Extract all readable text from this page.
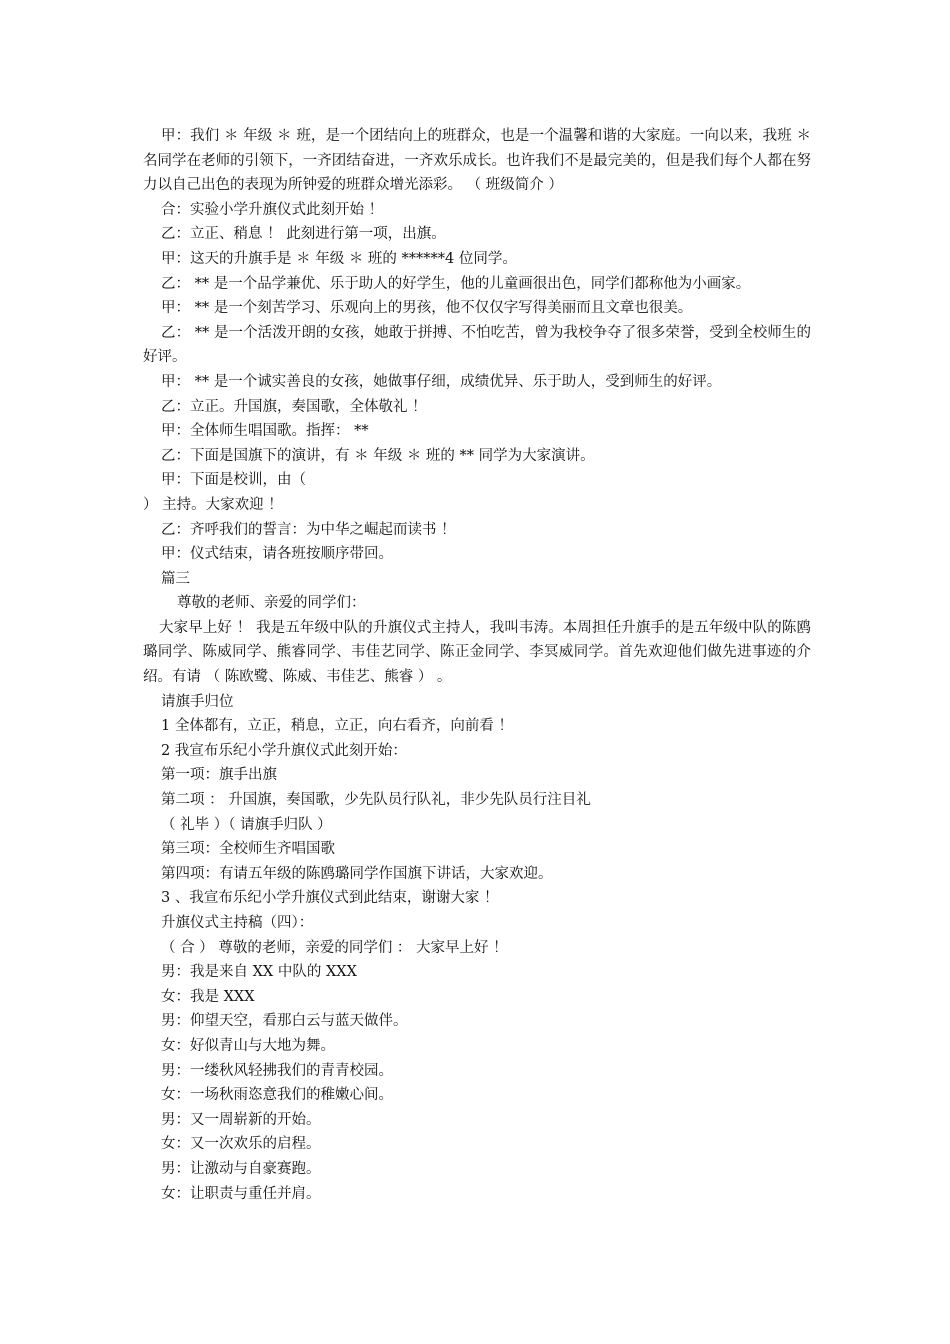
甲：我们 ＊ 年级 ＊ 班，是一个团结向上的班群众，也是一个温馨和谐的大家庭。一向以来，我班 ＊ 名同学在老师的引领下，一齐团结奋进，一齐欢乐成长。也许我们不是最完美的，但是我们每个人都在努力以自己出色的表现为所钟爱的班群众增光添彩。 （ 班级简介 ）

合：实验小学升旗仪式此刻开始 ！

乙：立正、稍息 ！ 此刻进行第一项，出旗。

甲：这天的升旗手是 ＊ 年级 ＊ 班的 ******4 位同学。

乙： ** 是一个品学兼优、乐于助人的好学生，他的儿童画很出色，同学们都称他为小画家。

甲： ** 是一个刻苦学习、乐观向上的男孩，他不仅仅字写得美丽而且文章也很美。

乙： ** 是一个活泼开朗的女孩，她敢于拼搏、不怕吃苦，曾为我校争夺了很多荣誉，受到全校师生的好评。

甲： ** 是一个诚实善良的女孩，她做事仔细，成绩优异、乐于助人，受到师生的好评。

乙：立正。升国旗，奏国歌，全体敬礼 ！

甲：全体师生唱国歌。指挥： **

乙：下面是国旗下的演讲，有 ＊ 年级 ＊ 班的 ** 同学为大家演讲。

甲：下面是校训，由（

） 主持。大家欢迎 ！

乙：齐呼我们的誓言：为中华之崛起而读书 ！

甲：仪式结束，请各班按顺序带回。

篇三

尊敬的老师、亲爱的同学们：

大家早上好 ！ 我是五年级中队的升旗仪式主持人，我叫韦涛。本周担任升旗手的是五年级中队的陈鸥璐同学、陈威同学、熊睿同学、韦佳艺同学、陈正金同学、李冥威同学。首先欢迎他们做先进事迹的介绍。有请 （ 陈欧鹭、陈威、韦佳艺、熊睿 ） 。

请旗手归位

1 全体都有，立正，稍息，立正，向右看齐，向前看 ！

2 我宣布乐纪小学升旗仪式此刻开始：

第一项：旗手出旗

第二项 ： 升国旗，奏国歌，少先队员行队礼，非少先队员行注目礼

（ 礼毕 ）（ 请旗手归队 ）

第三项：全校师生齐唱国歌

第四项：有请五年级的陈鸥璐同学作国旗下讲话，大家欢迎。

3 、我宣布乐纪小学升旗仪式到此结束，谢谢大家 ！

升旗仪式主持稿（四）：

（ 合 ） 尊敬的老师，亲爱的同学们 ： 大家早上好 ！

男：我是来自 XX 中队的 XXX

女：我是 XXX

男：仰望天空，看那白云与蓝天做伴。

女：好似青山与大地为舞。

男：一缕秋风轻拂我们的青青校园。

女：一场秋雨恣意我们的稚嫩心间。

男：又一周崭新的开始。

女：又一次欢乐的启程。

男：让激动与自豪赛跑。

女：让职责与重任并肩。
